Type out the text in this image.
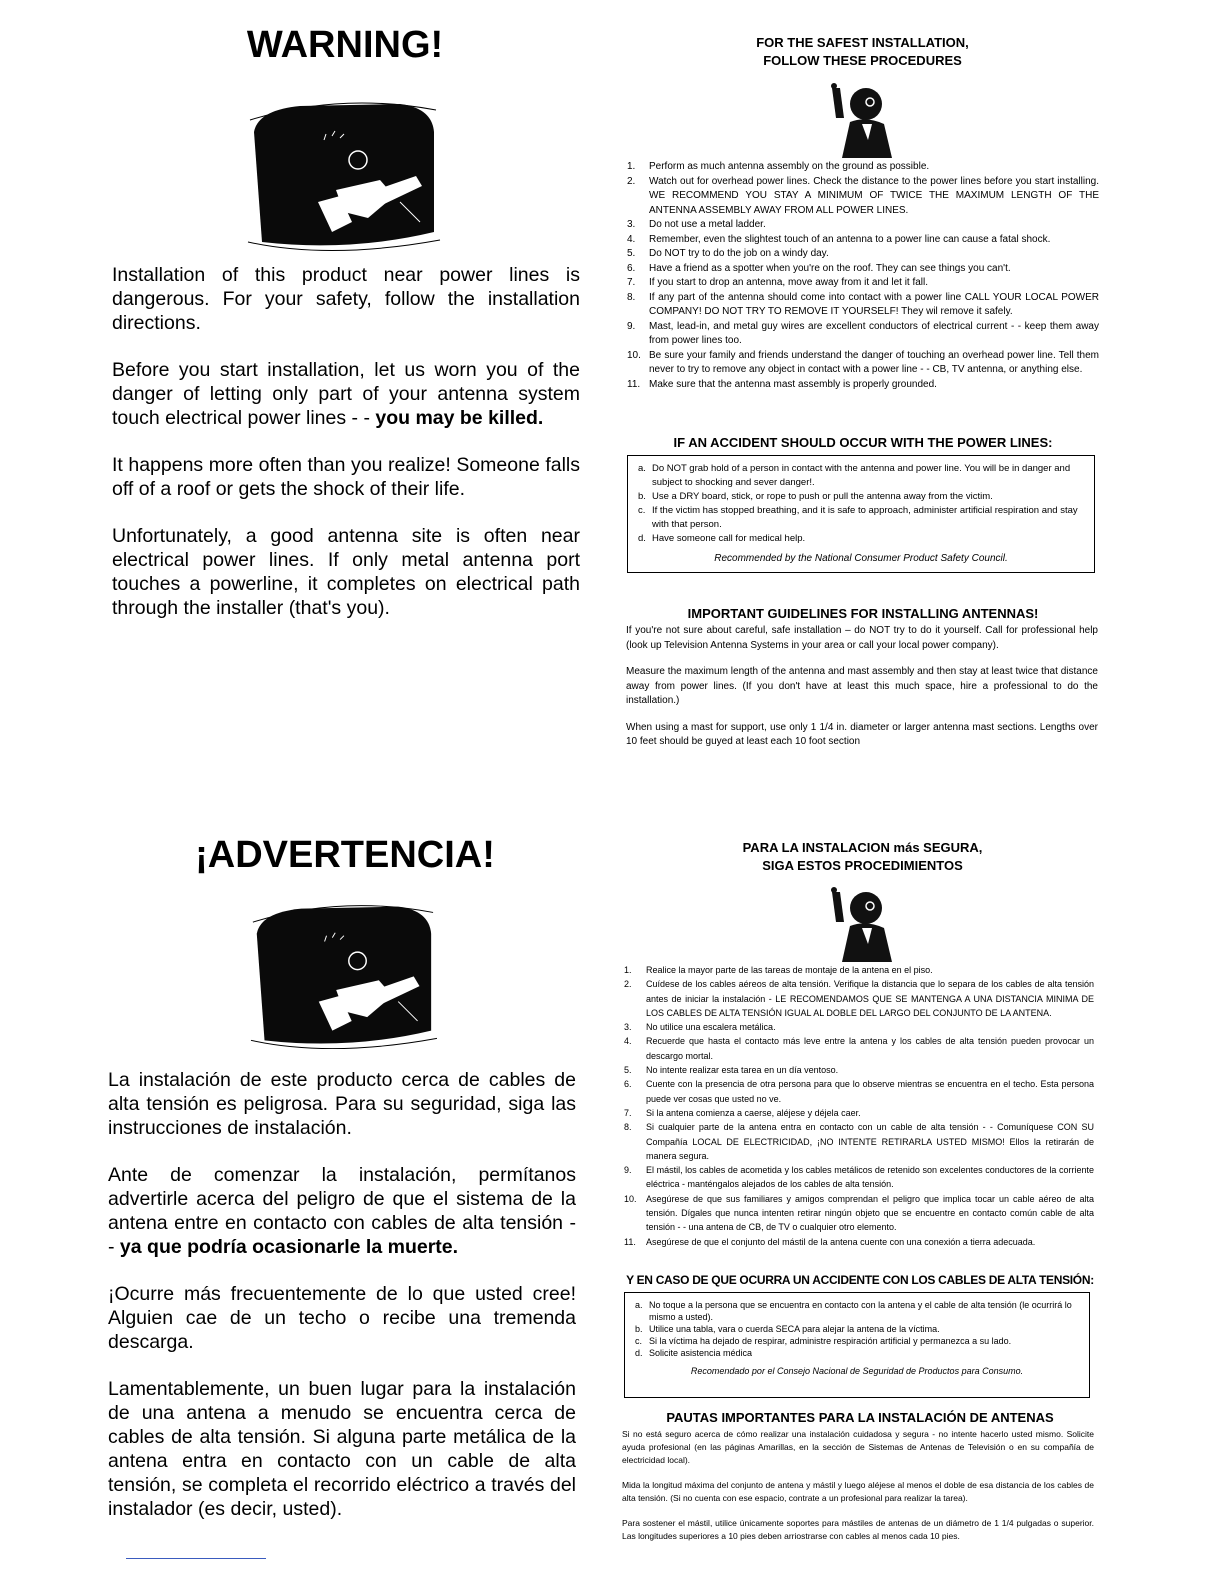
WARNING!

Installation of this product near power lines is dangerous. For your safety, follow the installation directions.

Before you start installation, let us worn you of the danger of letting only part of your antenna system touch electrical power lines - - you may be killed.

It happens more often than you realize! Someone falls off of a roof or gets the shock of their life.

Unfortunately, a good antenna site is often near electrical power lines. If only metal antenna port touches a powerline, it completes on electrical path through the installer (that's you).

FOR THE SAFEST INSTALLATION,
FOLLOW THESE PROCEDURES
1. Perform as much antenna assembly on the ground as possible.
2. Watch out for overhead power lines. Check the distance to the power lines before you start installing. WE RECOMMEND YOU STAY A MINIMUM OF TWICE THE MAXIMUM LENGTH OF THE ANTENNA ASSEMBLY AWAY FROM ALL POWER LINES.
3. Do not use a metal ladder.
4. Remember, even the slightest touch of an antenna to a power line can cause a fatal shock.
5. Do NOT try to do the job on a windy day.
6. Have a friend as a spotter when you're on the roof. They can see things you can't.
7. If you start to drop an antenna, move away from it and let it fall.
8. If any part of the antenna should come into contact with a power line CALL YOUR LOCAL POWER COMPANY! DO NOT TRY TO REMOVE IT YOURSELF! They wil remove it safely.
9. Mast, lead-in, and metal guy wires are excellent conductors of electrical current - - keep them away from power lines too.
10. Be sure your family and friends understand the danger of touching an overhead power line. Tell them never to try to remove any object in contact with a power line - - CB, TV antenna, or anything else.
11. Make sure that the antenna mast assembly is properly grounded.
IF AN ACCIDENT SHOULD OCCUR WITH THE POWER LINES:
a. Do NOT grab hold of a person in contact with the antenna and power line. You will be in danger and subject to shocking and sever danger!.
b. Use a DRY board, stick, or rope to push or pull the antenna away from the victim.
c. If the victim has stopped breathing, and it is safe to approach, administer artificial respiration and stay with that person.
d. Have someone call for medical help.
Recommended by the National Consumer Product Safety Council.
IMPORTANT GUIDELINES FOR INSTALLING ANTENNAS!

If you're not sure about careful, safe installation – do NOT try to do it yourself. Call for professional help (look up Television Antenna Systems in your area or call your local power company).

Measure the maximum length of the antenna and mast assembly and then stay at least twice that distance away from power lines. (If you don't have at least this much space, hire a professional to do the installation.)

When using a mast for support, use only 1 1/4 in. diameter or larger antenna mast sections. Lengths over 10 feet should be guyed at least each 10 foot section

¡ADVERTENCIA!

La instalación de este producto cerca de cables de alta tensión es peligrosa. Para su seguridad, siga las instrucciones de instalación.

Ante de comenzar la instalación, permítanos advertirle acerca del peligro de que el sistema de la antena entre en contacto con cables de alta tensión - - ya que podría ocasionarle la muerte.

¡Ocurre más frecuentemente de lo que usted cree! Alguien cae de un techo o recibe una tremenda descarga.

Lamentablemente, un buen lugar para la instalación de una antena a menudo se encuentra cerca de cables de alta tensión. Si alguna parte metálica de la antena entra en contacto con un cable de alta tensión, se completa el recorrido eléctrico a través del instalador (es decir, usted).

PARA LA INSTALACION más SEGURA,
SIGA ESTOS PROCEDIMIENTOS
1. Realice la mayor parte de las tareas de montaje de la antena en el piso.
2. Cuídese de los cables aéreos de alta tensión. Verifique la distancia que lo separa de los cables de alta tensión antes de iniciar la instalación - LE RECOMENDAMOS QUE SE MANTENGA A UNA DISTANCIA MINIMA DE LOS CABLES DE ALTA TENSIÓN IGUAL AL DOBLE DEL LARGO DEL CONJUNTO DE LA ANTENA.
3. No utilice una escalera metálica.
4. Recuerde que hasta el contacto más leve entre la antena y los cables de alta tensión pueden provocar un descargo mortal.
5. No intente realizar esta tarea en un día ventoso.
6. Cuente con la presencia de otra persona para que lo observe mientras se encuentra en el techo. Esta persona puede ver cosas que usted no ve.
7. Si la antena comienza a caerse, aléjese y déjela caer.
8. Si cualquier parte de la antena entra en contacto con un cable de alta tensión - - Comuníquese CON SU Compañía LOCAL DE ELECTRICIDAD, ¡NO INTENTE RETIRARLA USTED MISMO! Ellos la retirarán de manera segura.
9. El mástil, los cables de acometida y los cables metálicos de retenido son excelentes conductores de la corriente eléctrica - manténgalos alejados de los cables de alta tensión.
10. Asegúrese de que sus familiares y amigos comprendan el peligro que implica tocar un cable aéreo de alta tensión. Dígales que nunca intenten retirar ningún objeto que se encuentre en contacto común cable de alta tensión - - una antena de CB, de TV o cualquier otro elemento.
11. Asegúrese de que el conjunto del mástil de la antena cuente con una conexión a tierra adecuada.
Y EN CASO DE QUE OCURRA UN ACCIDENTE CON LOS CABLES DE ALTA TENSIÓN:
a. No toque a la persona que se encuentra en contacto con la antena y el cable de alta tensión (le ocurrirá lo mismo a usted).
b. Utilice una tabla, vara o cuerda SECA para alejar la antena de la víctima.
c. Si la víctima ha dejado de respirar, administre respiración artificial y permanezca a su lado.
d. Solicite asistencia médica
Recomendado por el Consejo Nacional de Seguridad de Productos para Consumo.
PAUTAS IMPORTANTES PARA LA INSTALACIÓN DE ANTENAS

Si no está seguro acerca de cómo realizar una instalación cuidadosa y segura - no intente hacerlo usted mismo. Solicite ayuda profesional (en las páginas Amarillas, en la sección de Sistemas de Antenas de Televisión o en su compañía de electricidad local).

Mida la longitud máxima del conjunto de antena y mástil y luego aléjese al menos el doble de esa distancia de los cables de alta tensión. (Si no cuenta con ese espacio, contrate a un profesional para realizar la tarea).

Para sostener el mástil, utilice únicamente soportes para mástiles de antenas de un diámetro de 1 1/4 pulgadas o superior. Las longitudes superiores a 10 pies deben arriostrarse con cables al menos cada 10 pies.
